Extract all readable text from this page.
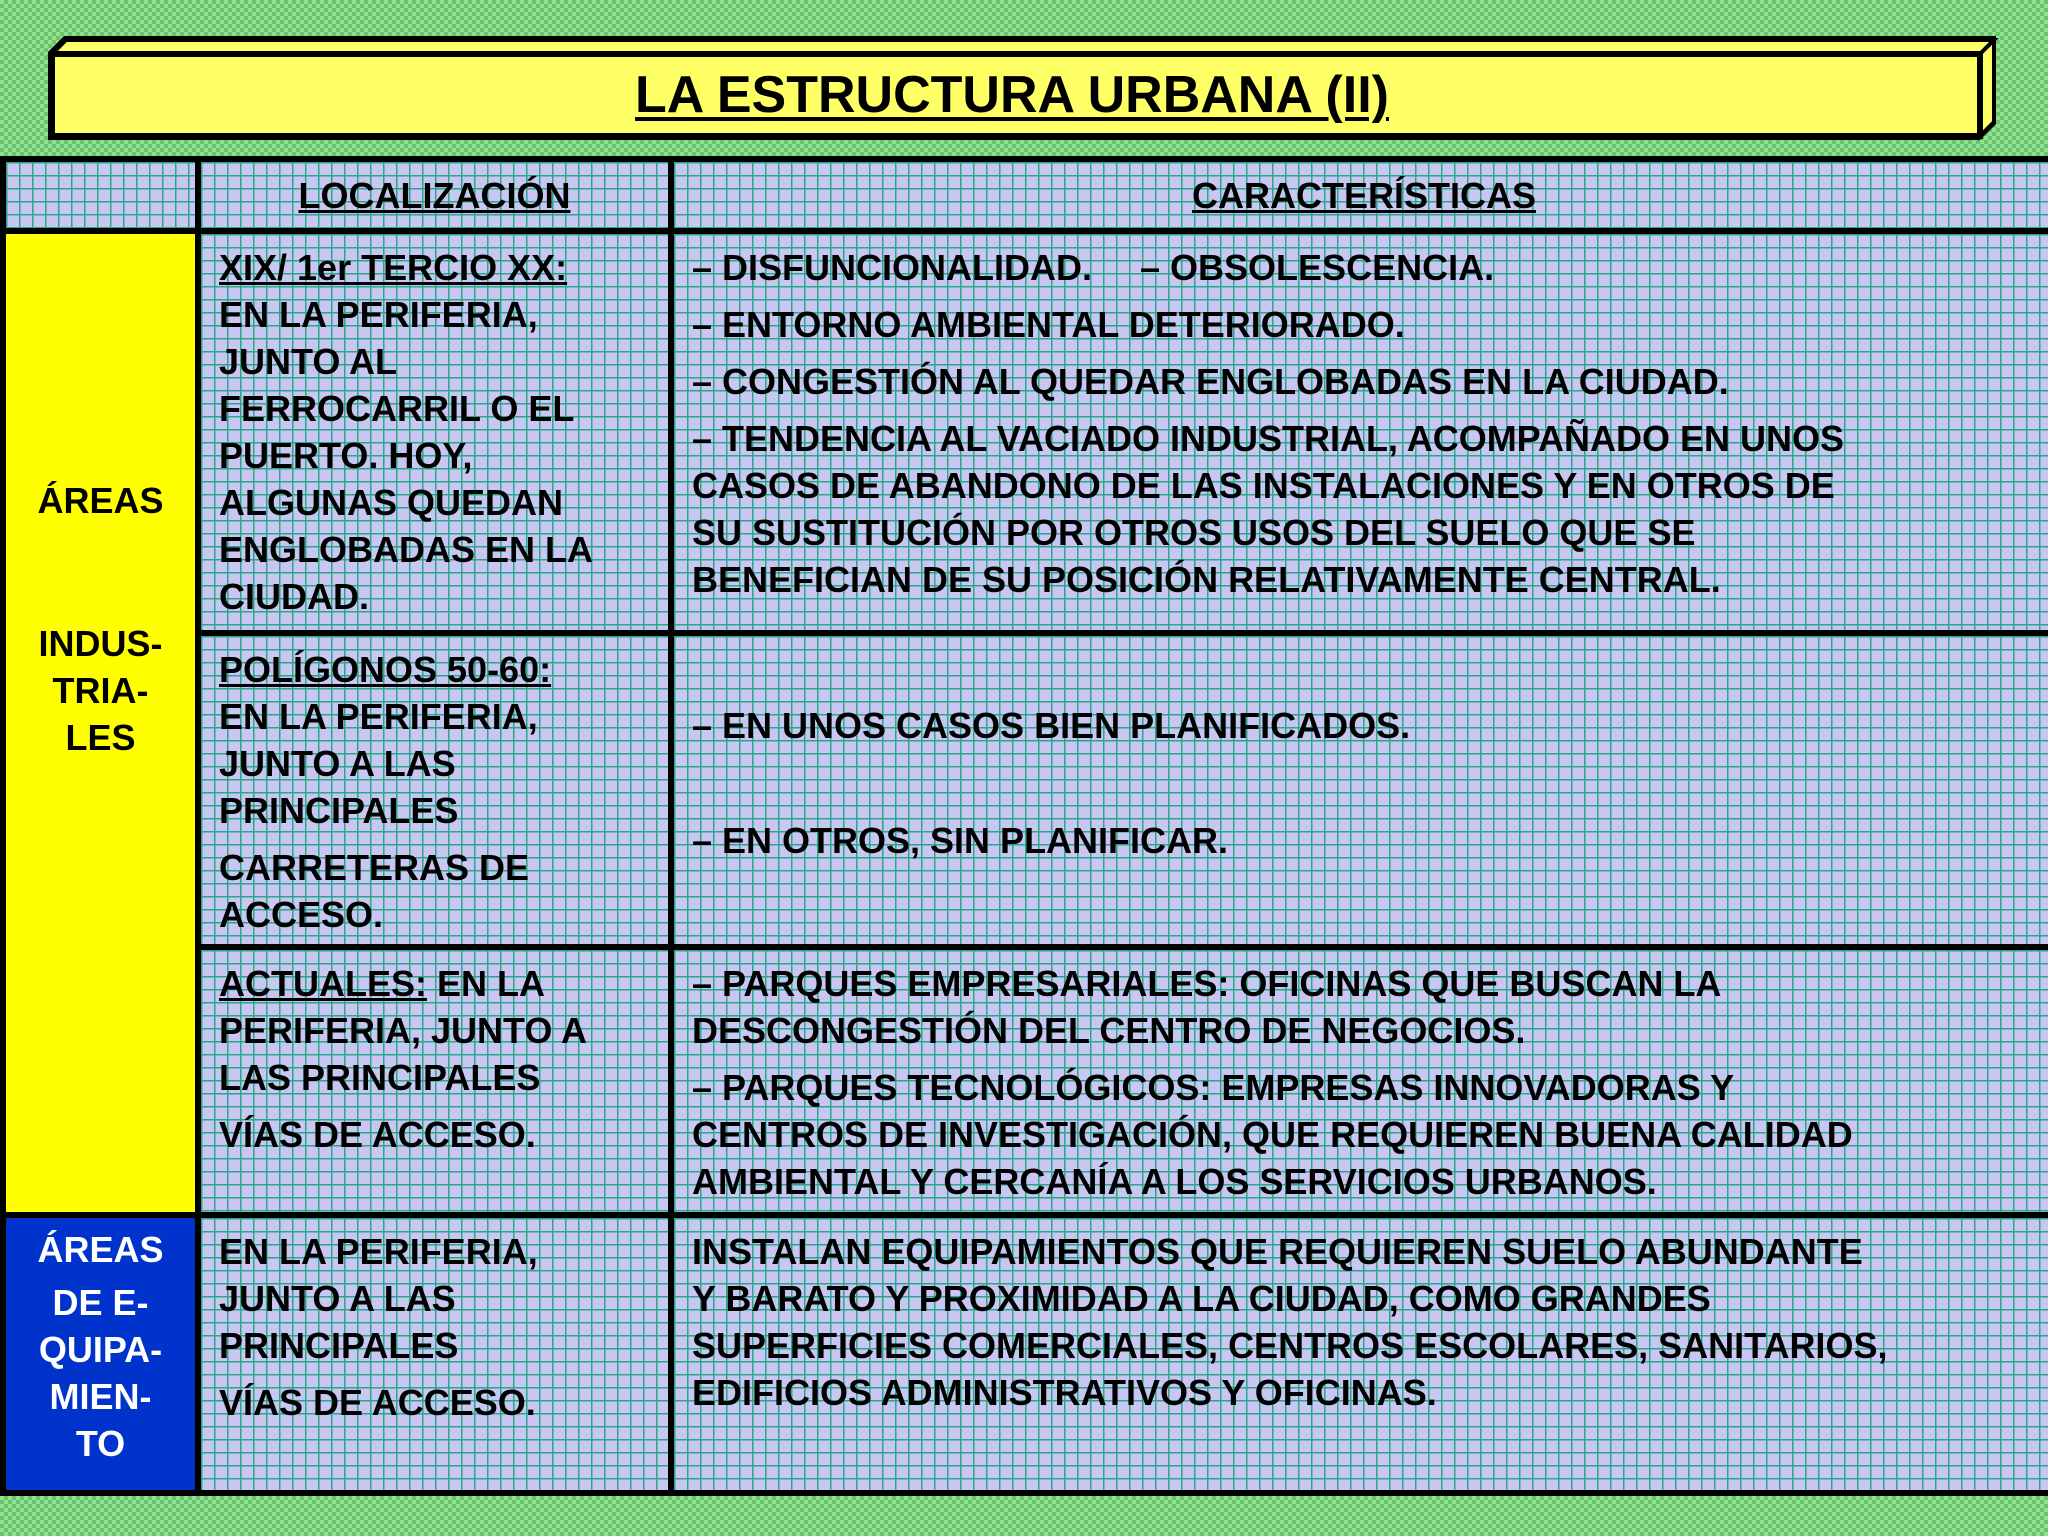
LA ESTRUCTURA URBANA (II)
LOCALIZACIÓN	CARACTERÍSTICAS
ÁREAS
INDUS-
TRIA-
LES
XIX/ 1er TERCIO XX:
EN LA PERIFERIA,
JUNTO AL
FERROCARRIL O EL
PUERTO. HOY,
ALGUNAS QUEDAN
ENGLOBADAS EN LA
CIUDAD.
– DISFUNCIONALIDAD. – OBSOLESCENCIA.
– ENTORNO AMBIENTAL DETERIORADO.
– CONGESTIÓN AL QUEDAR ENGLOBADAS EN LA CIUDAD.
– TENDENCIA AL VACIADO INDUSTRIAL, ACOMPAÑADO EN UNOS
CASOS DE ABANDONO DE LAS INSTALACIONES Y EN OTROS DE
SU SUSTITUCIÓN POR OTROS USOS DEL SUELO QUE SE
BENEFICIAN DE SU POSICIÓN RELATIVAMENTE CENTRAL.
POLÍGONOS 50-60:
EN LA PERIFERIA,
JUNTO A LAS
PRINCIPALES
CARRETERAS DE
ACCESO.
– EN UNOS CASOS BIEN PLANIFICADOS.
– EN OTROS, SIN PLANIFICAR.
ACTUALES: EN LA
PERIFERIA, JUNTO A
LAS PRINCIPALES
VÍAS DE ACCESO.
– PARQUES EMPRESARIALES: OFICINAS QUE BUSCAN LA
DESCONGESTIÓN DEL CENTRO DE NEGOCIOS.
– PARQUES TECNOLÓGICOS: EMPRESAS INNOVADORAS Y
CENTROS DE INVESTIGACIÓN, QUE REQUIEREN BUENA CALIDAD
AMBIENTAL Y CERCANÍA A LOS SERVICIOS URBANOS.
ÁREAS
DE E-
QUIPA-
MIEN-
TO
EN LA PERIFERIA,
JUNTO A LAS
PRINCIPALES
VÍAS DE ACCESO.
INSTALAN EQUIPAMIENTOS QUE REQUIEREN SUELO ABUNDANTE
Y BARATO Y PROXIMIDAD A LA CIUDAD, COMO GRANDES
SUPERFICIES COMERCIALES, CENTROS ESCOLARES, SANITARIOS,
EDIFICIOS ADMINISTRATIVOS Y OFICINAS.
